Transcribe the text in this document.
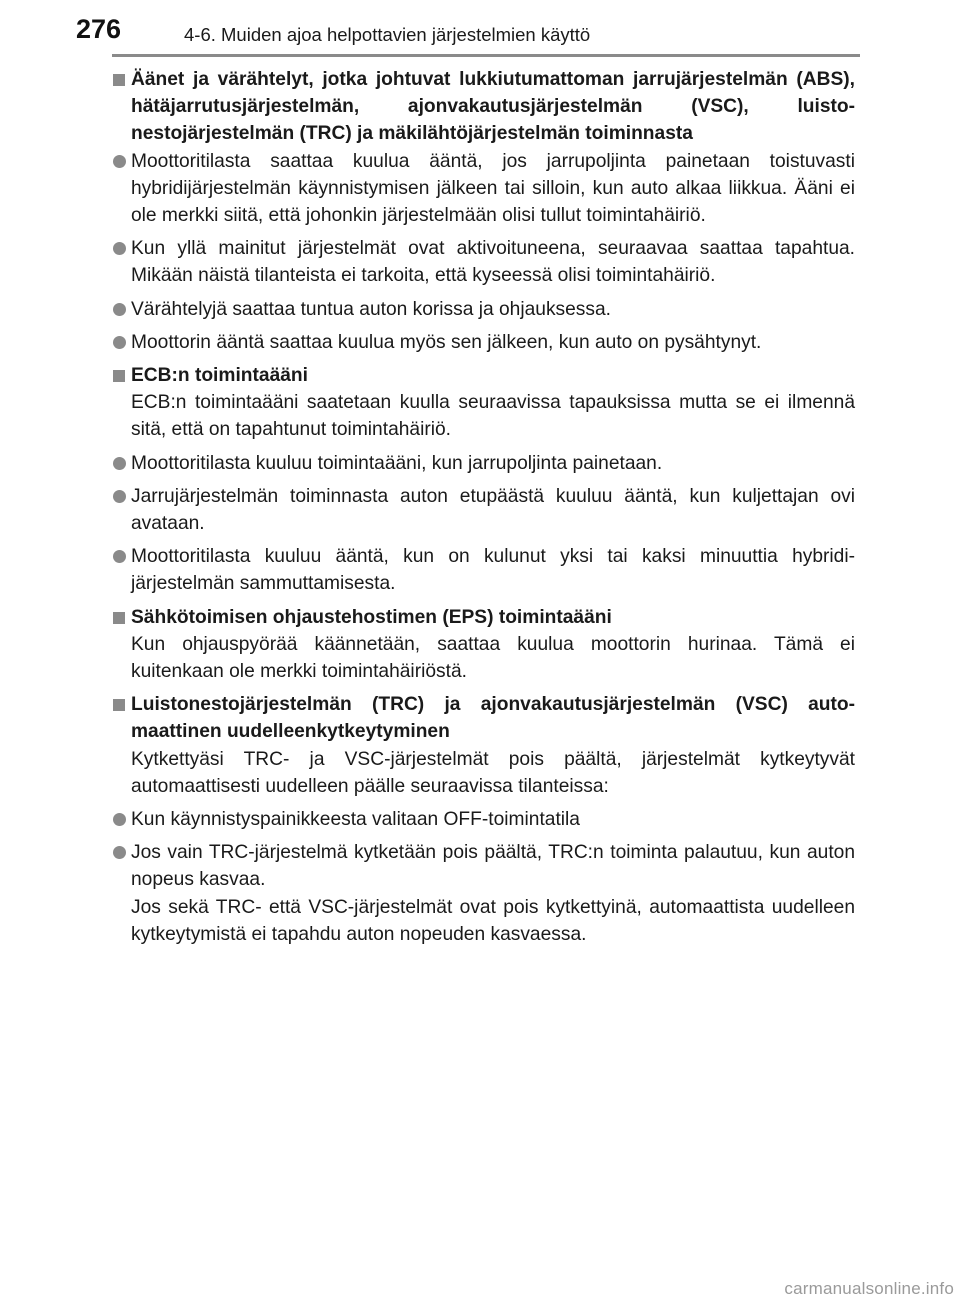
276	4-6. Muiden ajoa helpottavien järjestelmien käyttö
Äänet ja värähtelyt, jotka johtuvat lukkiutumattoman jarrujärjestelmän (ABS), hätäjarrutusjärjestelmän, ajonvakautusjärjestelmän (VSC), luistonestojärjestelmän (TRC) ja mäkilähtöjärjestelmän toiminnasta
Moottoritilasta saattaa kuulua ääntä, jos jarrupoljinta painetaan toistuvasti hybridijärjestelmän käynnistymisen jälkeen tai silloin, kun auto alkaa liikkua. Ääni ei ole merkki siitä, että johonkin järjestelmään olisi tullut toimintahäiriö.
Kun yllä mainitut järjestelmät ovat aktivoituneena, seuraavaa saattaa tapahtua. Mikään näistä tilanteista ei tarkoita, että kyseessä olisi toimintahäiriö.
Värähtelyjä saattaa tuntua auton korissa ja ohjauksessa.
Moottorin ääntä saattaa kuulua myös sen jälkeen, kun auto on pysähtynyt.
ECB:n toimintaääni
ECB:n toimintaääni saatetaan kuulla seuraavissa tapauksissa mutta se ei ilmennä sitä, että on tapahtunut toimintahäiriö.
Moottoritilasta kuuluu toimintaääni, kun jarrupoljinta painetaan.
Jarrujärjestelmän toiminnasta auton etupäästä kuuluu ääntä, kun kuljettajan ovi avataan.
Moottoritilasta kuuluu ääntä, kun on kulunut yksi tai kaksi minuuttia hybridijärjestelmän sammuttamisesta.
Sähkötoimisen ohjaustehostimen (EPS) toimintaääni
Kun ohjauspyörää käännetään, saattaa kuulua moottorin hurinaa. Tämä ei kuitenkaan ole merkki toimintahäiriöstä.
Luistonestojärjestelmän (TRC) ja ajonvakautusjärjestelmän (VSC) automaattinen uudelleenkytkeytyminen
Kytkettyäsi TRC- ja VSC-järjestelmät pois päältä, järjestelmät kytkeytyvät automaattisesti uudelleen päälle seuraavissa tilanteissa:
Kun käynnistyspainikkeesta valitaan OFF-toimintatila
Jos vain TRC-järjestelmä kytketään pois päältä, TRC:n toiminta palautuu, kun auton nopeus kasvaa.
Jos sekä TRC- että VSC-järjestelmät ovat pois kytkettyinä, automaattista uudelleen kytkeytymistä ei tapahdu auton nopeuden kasvaessa.
carmanualsonline.info
